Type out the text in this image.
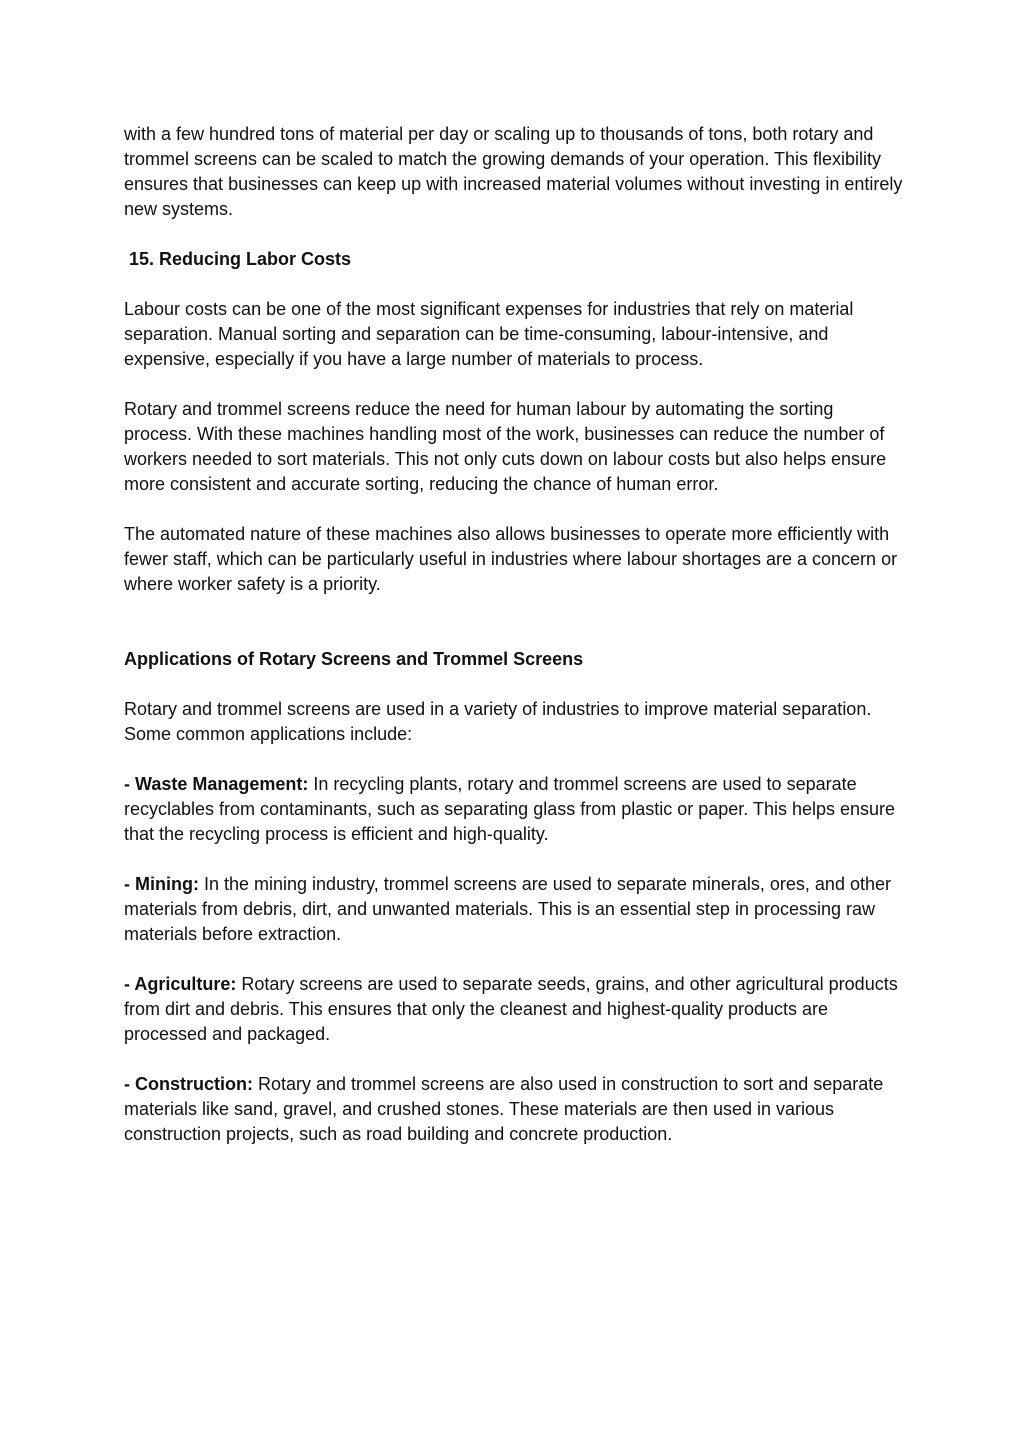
with a few hundred tons of material per day or scaling up to thousands of tons, both rotary and trommel screens can be scaled to match the growing demands of your operation. This flexibility ensures that businesses can keep up with increased material volumes without investing in entirely new systems.

15. Reducing Labor Costs

Labour costs can be one of the most significant expenses for industries that rely on material separation. Manual sorting and separation can be time-consuming, labour-intensive, and expensive, especially if you have a large number of materials to process.

Rotary and trommel screens reduce the need for human labour by automating the sorting process. With these machines handling most of the work, businesses can reduce the number of workers needed to sort materials. This not only cuts down on labour costs but also helps ensure more consistent and accurate sorting, reducing the chance of human error.

The automated nature of these machines also allows businesses to operate more efficiently with fewer staff, which can be particularly useful in industries where labour shortages are a concern or where worker safety is a priority.

Applications of Rotary Screens and Trommel Screens

Rotary and trommel screens are used in a variety of industries to improve material separation. Some common applications include:

- Waste Management: In recycling plants, rotary and trommel screens are used to separate recyclables from contaminants, such as separating glass from plastic or paper. This helps ensure that the recycling process is efficient and high-quality.

- Mining: In the mining industry, trommel screens are used to separate minerals, ores, and other materials from debris, dirt, and unwanted materials. This is an essential step in processing raw materials before extraction.

- Agriculture: Rotary screens are used to separate seeds, grains, and other agricultural products from dirt and debris. This ensures that only the cleanest and highest-quality products are processed and packaged.

- Construction: Rotary and trommel screens are also used in construction to sort and separate materials like sand, gravel, and crushed stones. These materials are then used in various construction projects, such as road building and concrete production.
